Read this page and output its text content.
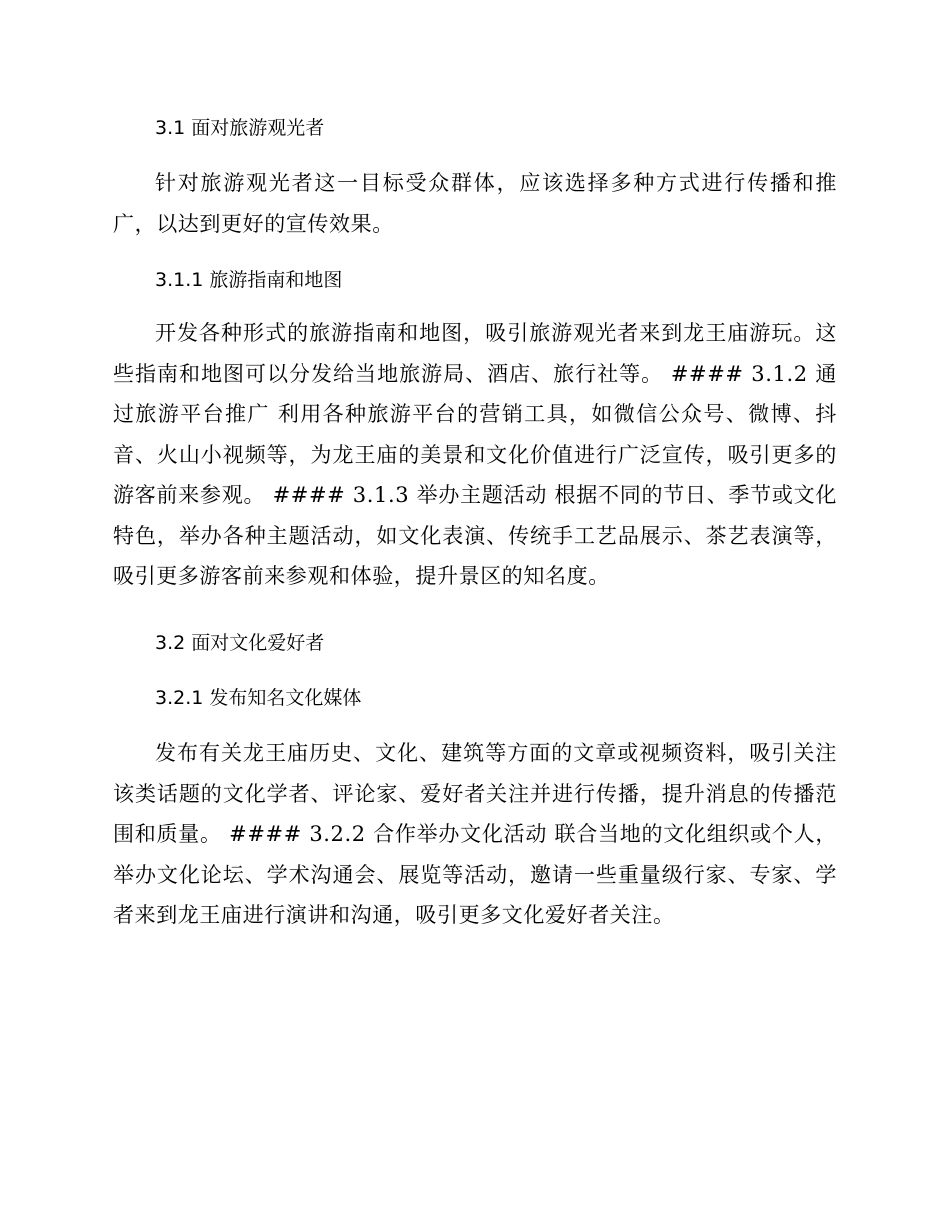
3.1 面对旅游观光者

针对旅游观光者这一目标受众群体，应该选择多种方式进行传播和推广，以达到更好的宣传效果。

3.1.1 旅游指南和地图

开发各种形式的旅游指南和地图，吸引旅游观光者来到龙王庙游玩。这些指南和地图可以分发给当地旅游局、酒店、旅行社等。 #### 3.1.2 通过旅游平台推广 利用各种旅游平台的营销工具，如微信公众号、微博、抖音、火山小视频等，为龙王庙的美景和文化价值进行广泛宣传，吸引更多的游客前来参观。 #### 3.1.3 举办主题活动 根据不同的节日、季节或文化特色，举办各种主题活动，如文化表演、传统手工艺品展示、茶艺表演等，吸引更多游客前来参观和体验，提升景区的知名度。

3.2 面对文化爱好者
3.2.1 发布知名文化媒体

发布有关龙王庙历史、文化、建筑等方面的文章或视频资料，吸引关注该类话题的文化学者、评论家、爱好者关注并进行传播，提升消息的传播范围和质量。 #### 3.2.2 合作举办文化活动 联合当地的文化组织或个人，举办文化论坛、学术沟通会、展览等活动，邀请一些重量级行家、专家、学者来到龙王庙进行演讲和沟通，吸引更多文化爱好者关注。
